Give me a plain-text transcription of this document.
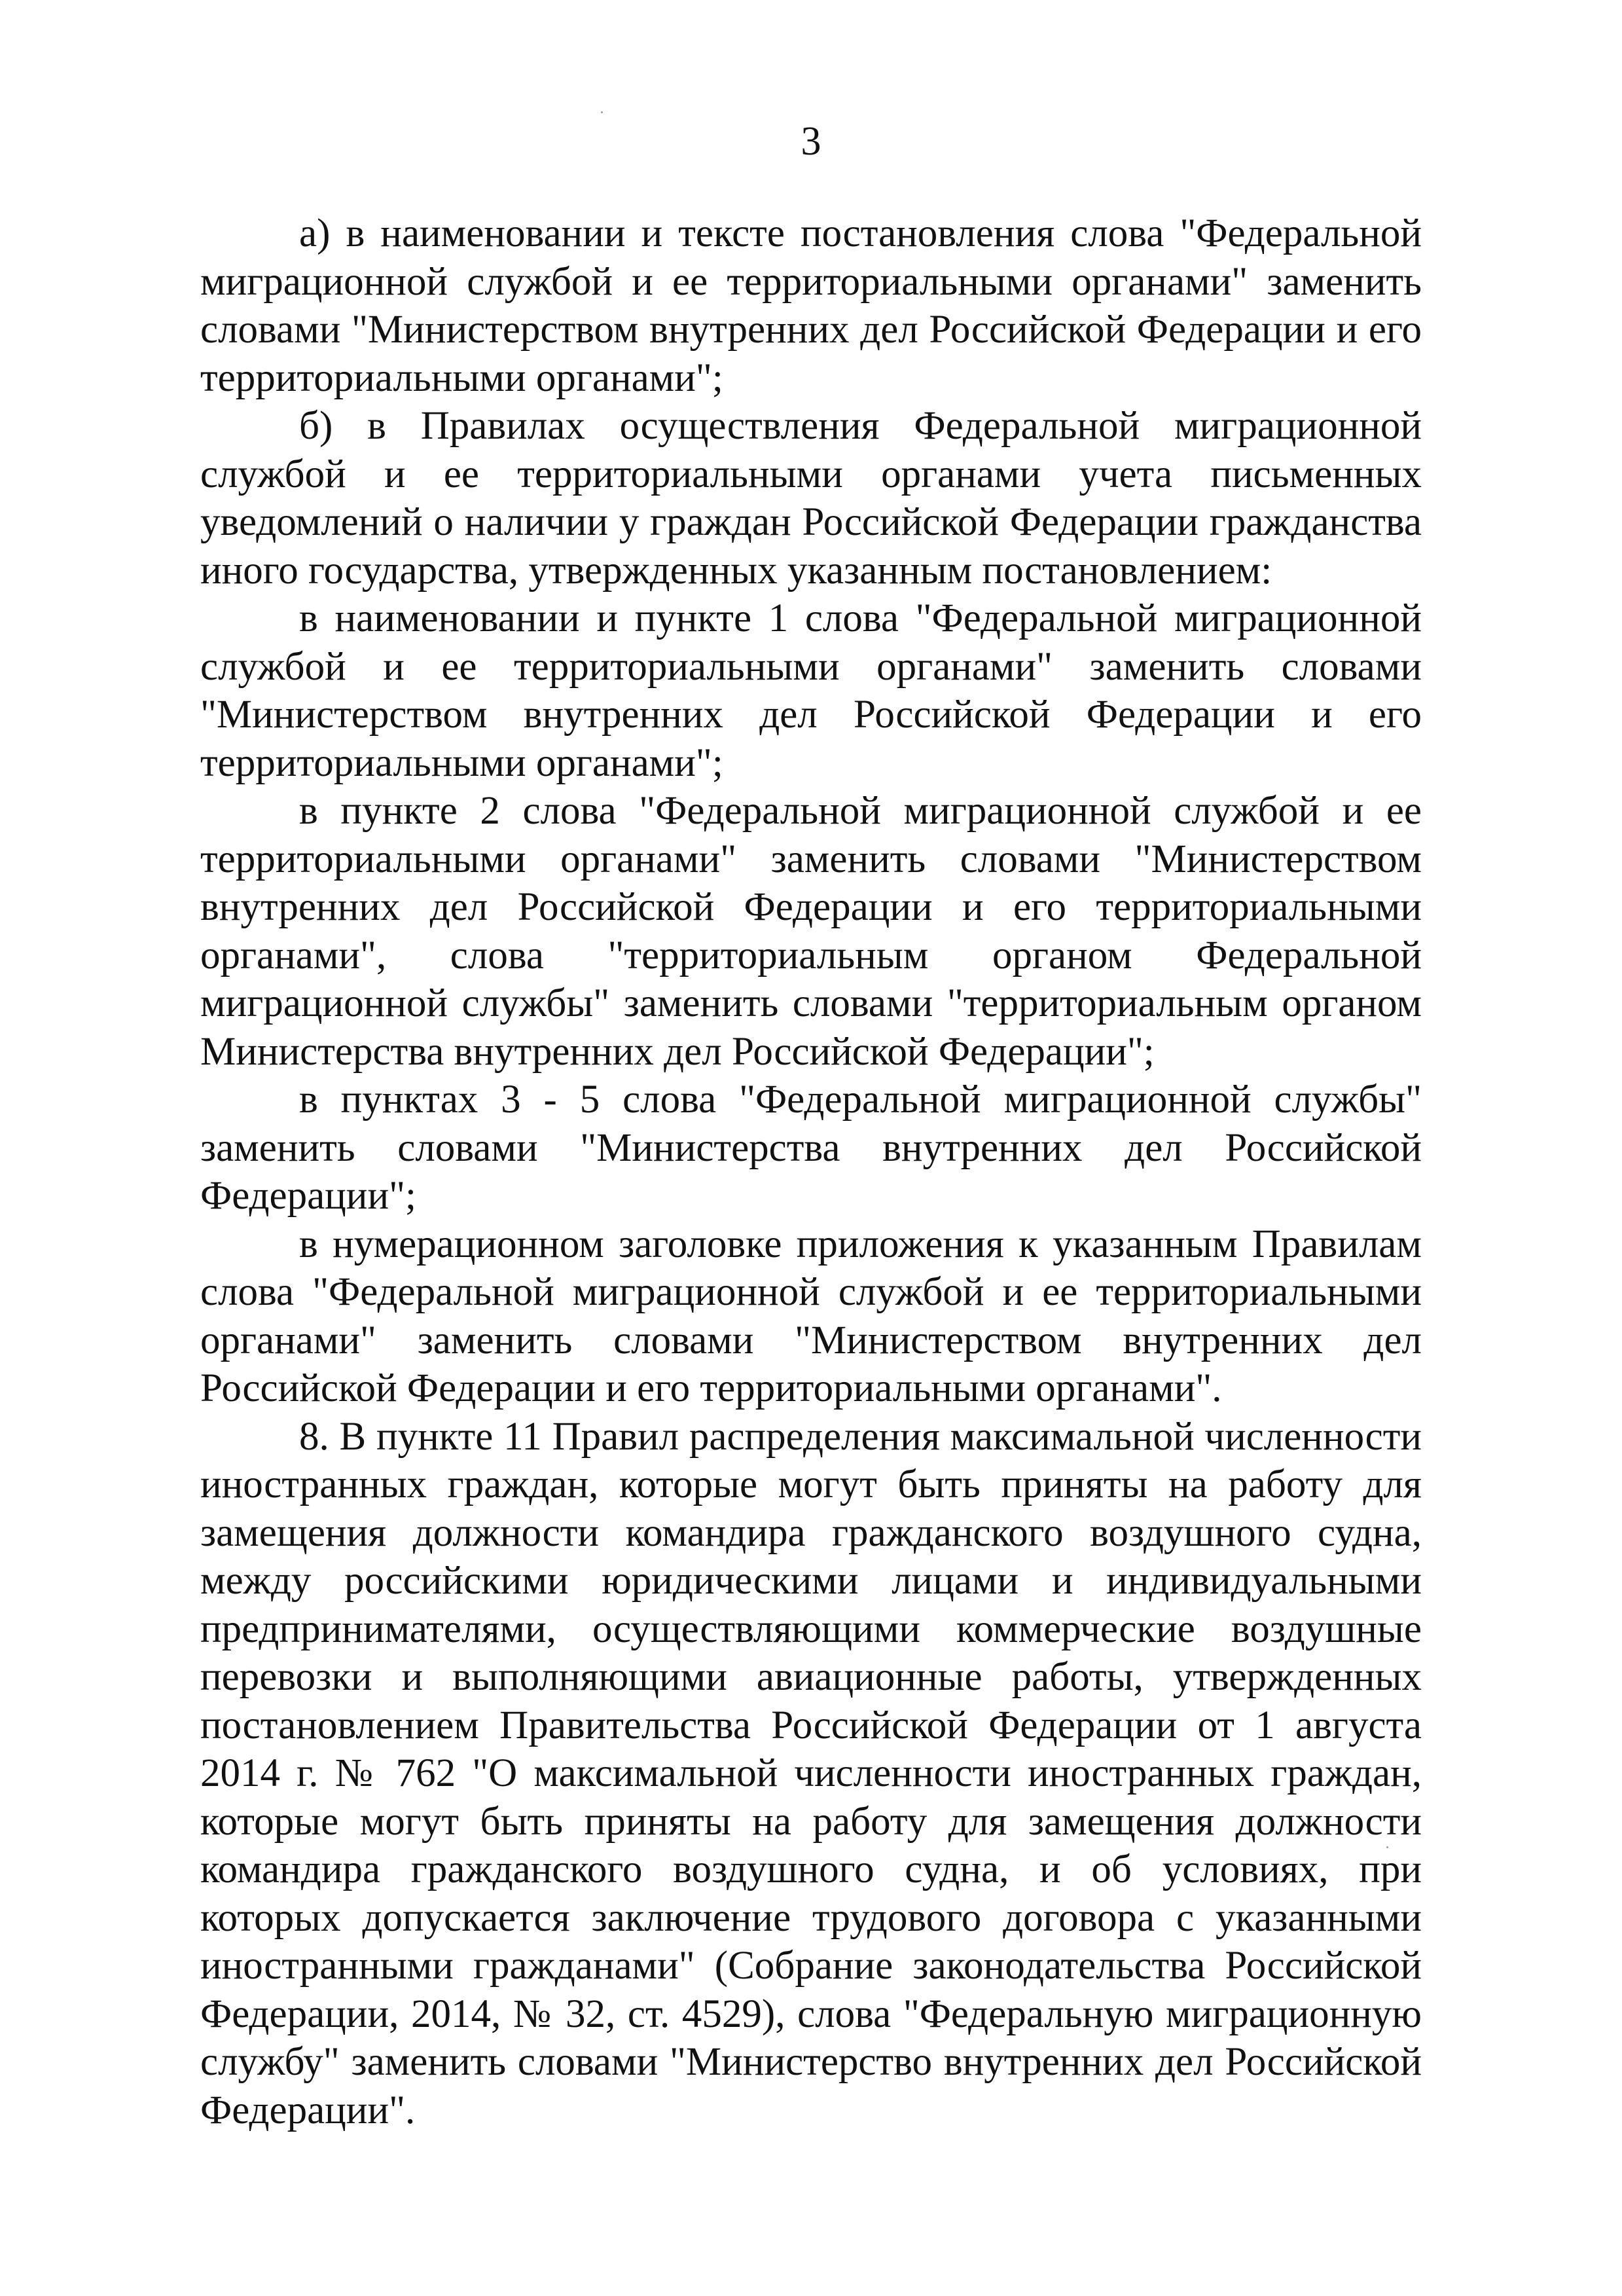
3

а) в наименовании и тексте постановления слова "Федеральной миграционной службой и ее территориальными органами" заменить словами "Министерством внутренних дел Российской Федерации и его территориальными органами";

б) в Правилах осуществления Федеральной миграционной службой и ее территориальными органами учета письменных уведомлений о наличии у граждан Российской Федерации гражданства иного государства, утвержденных указанным постановлением:

в наименовании и пункте 1 слова "Федеральной миграционной службой и ее территориальными органами" заменить словами "Министерством внутренних дел Российской Федерации и его территориальными органами";

в пункте 2 слова "Федеральной миграционной службой и ее территориальными органами" заменить словами "Министерством внутренних дел Российской Федерации и его территориальными органами", слова "территориальным органом Федеральной миграционной службы" заменить словами "территориальным органом Министерства внутренних дел Российской Федерации";

в пунктах 3 - 5 слова "Федеральной миграционной службы" заменить словами "Министерства внутренних дел Российской Федерации";

в нумерационном заголовке приложения к указанным Правилам слова "Федеральной миграционной службой и ее территориальными органами" заменить словами "Министерством внутренних дел Российской Федерации и его территориальными органами".

8. В пункте 11 Правил распределения максимальной численности иностранных граждан, которые могут быть приняты на работу для замещения должности командира гражданского воздушного судна, между российскими юридическими лицами и индивидуальными предпринимателями, осуществляющими коммерческие воздушные перевозки и выполняющими авиационные работы, утвержденных постановлением Правительства Российской Федерации от 1 августа 2014 г. № 762 "О максимальной численности иностранных граждан, которые могут быть приняты на работу для замещения должности командира гражданского воздушного судна, и об условиях, при которых допускается заключение трудового договора с указанными иностранными гражданами" (Собрание законодательства Российской Федерации, 2014, № 32, ст. 4529), слова "Федеральную миграционную службу" заменить словами "Министерство внутренних дел Российской Федерации".
